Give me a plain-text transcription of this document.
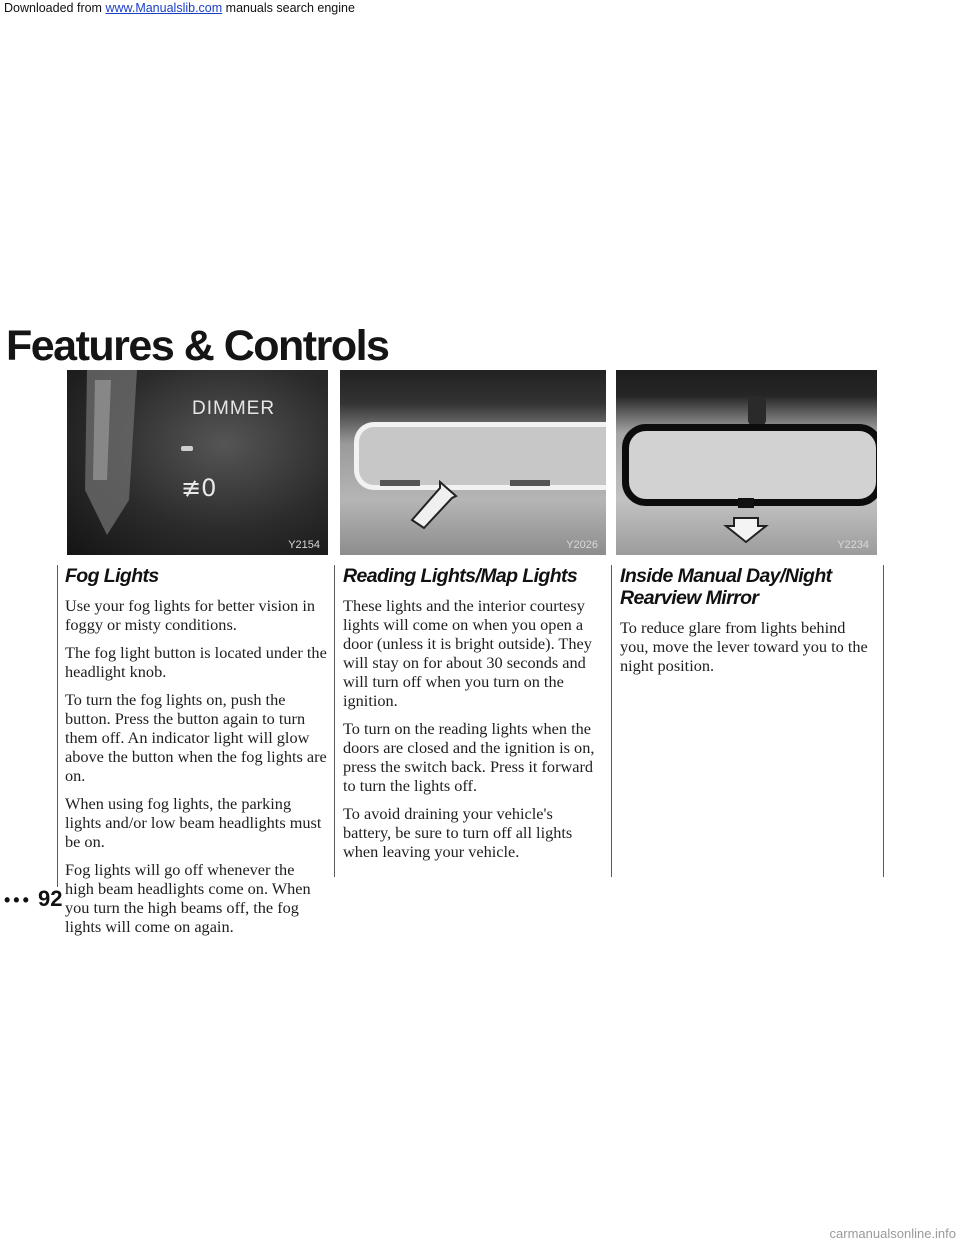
Downloaded from www.Manualslib.com manuals search engine
Features & Controls
DIMMER
≢0
Y2154	Y2026	Y2234
Fog Lights

Use your fog lights for better vision in foggy or misty conditions.

The fog light button is located under the headlight knob.

To turn the fog lights on, push the button. Press the button again to turn them off. An indicator light will glow above the button when the fog lights are on.

When using fog lights, the parking lights and/or low beam headlights must be on.

Fog lights will go off whenever the high beam headlights come on. When you turn the high beams off, the fog lights will come on again.

Reading Lights/Map Lights

These lights and the interior courtesy lights will come on when you open a door (unless it is bright outside). They will stay on for about 30 seconds and will turn off when you turn on the ignition.

To turn on the reading lights when the doors are closed and the ignition is on, press the switch back. Press it forward to turn the lights off.

To avoid draining your vehicle's battery, be sure to turn off all lights when leaving your vehicle.

Inside Manual Day/Night
Rearview Mirror

To reduce glare from lights behind you, move the lever toward you to the night position.

••• 92
carmanualsonline.info
